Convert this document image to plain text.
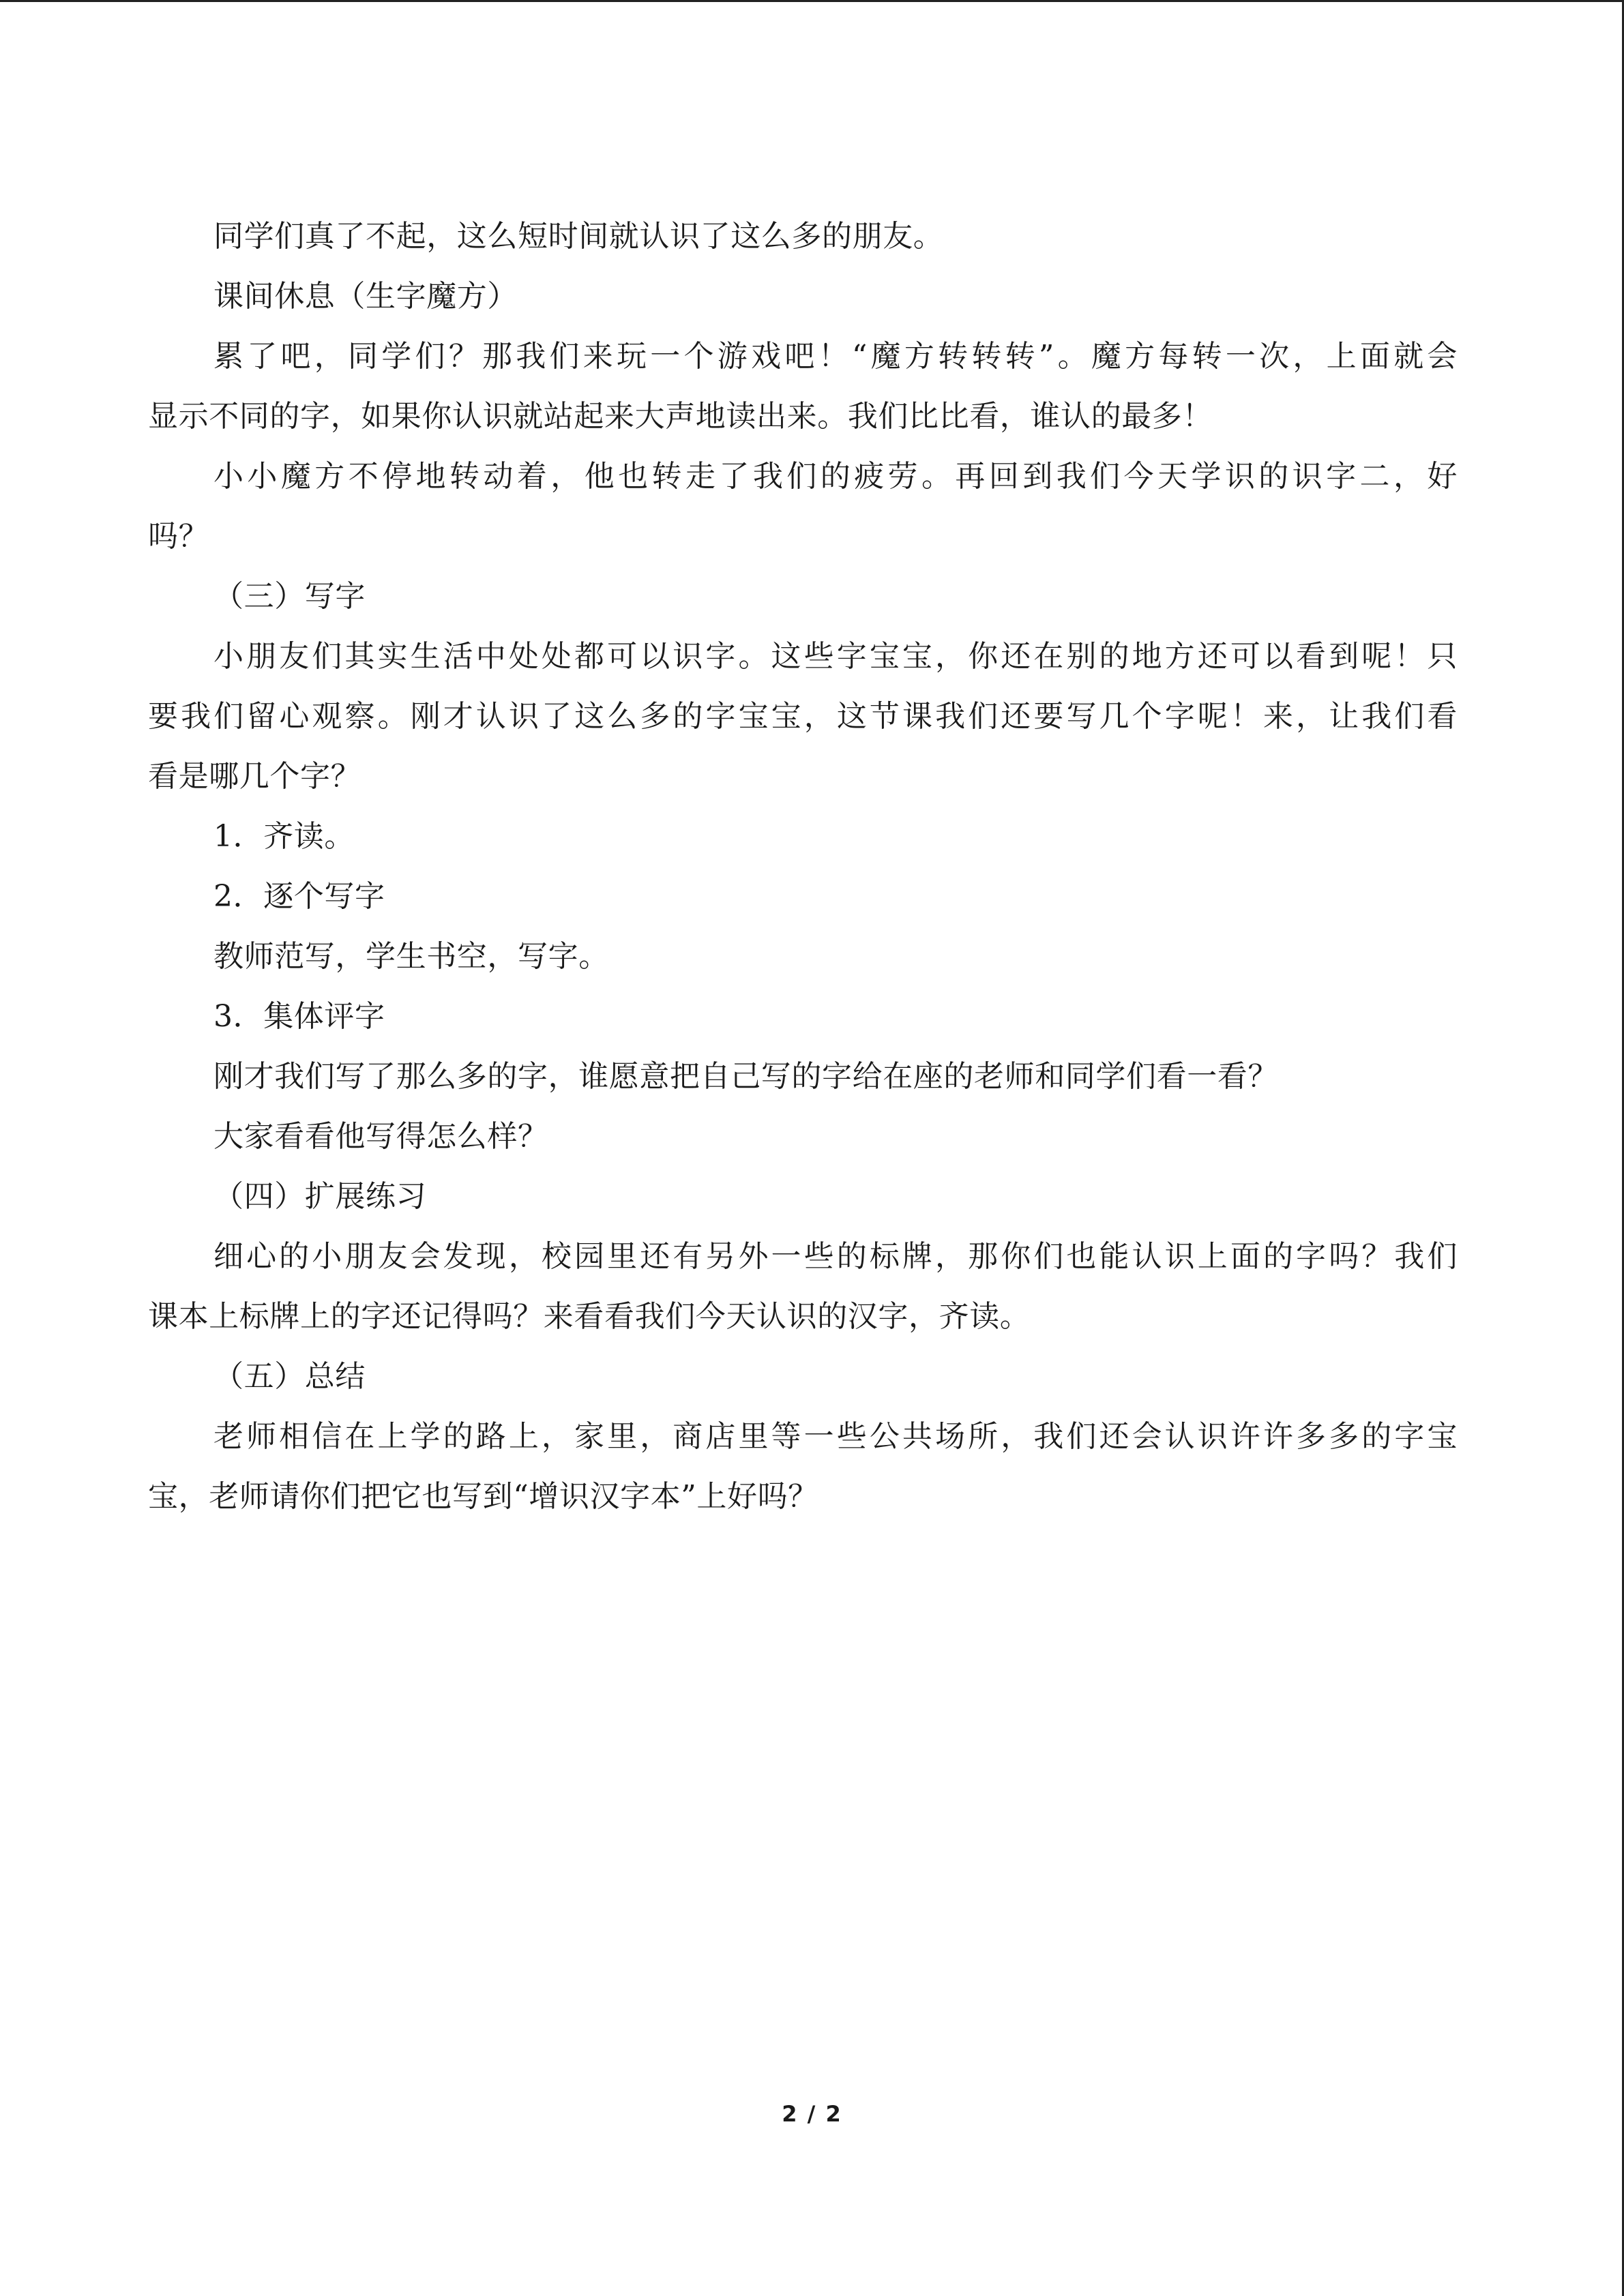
同学们真了不起，这么短时间就认识了这么多的朋友。
课间休息（生字魔方）
累了吧，同学们？那我们来玩一个游戏吧！“魔方转转转”。魔方每转一次，上面就会
显示不同的字，如果你认识就站起来大声地读出来。我们比比看，谁认的最多！
小小魔方不停地转动着，他也转走了我们的疲劳。再回到我们今天学识的识字二，好
吗？
（三）写字
小朋友们其实生活中处处都可以识字。这些字宝宝，你还在别的地方还可以看到呢！只
要我们留心观察。刚才认识了这么多的字宝宝，这节课我们还要写几个字呢！来，让我们看
看是哪几个字？
1．齐读。
2．逐个写字
教师范写，学生书空，写字。
3．集体评字
刚才我们写了那么多的字，谁愿意把自己写的字给在座的老师和同学们看一看？
大家看看他写得怎么样？
（四）扩展练习
细心的小朋友会发现，校园里还有另外一些的标牌，那你们也能认识上面的字吗？我们
课本上标牌上的字还记得吗？来看看我们今天认识的汉字，齐读。
（五）总结
老师相信在上学的路上，家里，商店里等一些公共场所，我们还会认识许许多多的字宝
宝，老师请你们把它也写到“增识汉字本”上好吗？
2 / 2
